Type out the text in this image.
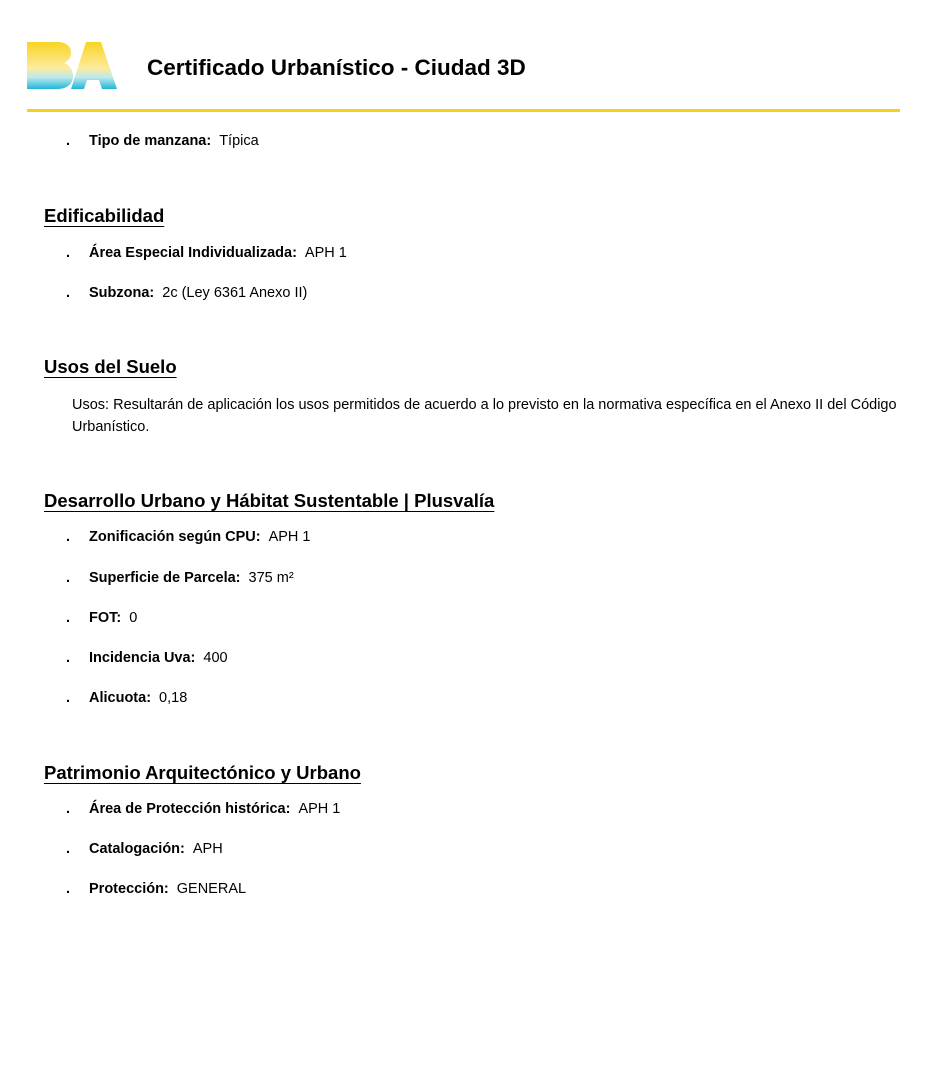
Certificado Urbanístico - Ciudad 3D
. Tipo de manzana: Típica
Edificabilidad
. Área Especial Individualizada: APH 1
. Subzona: 2c (Ley 6361 Anexo II)
Usos del Suelo
Usos: Resultarán de aplicación los usos permitidos de acuerdo a lo previsto en la normativa específica en el Anexo II del Código Urbanístico.
Desarrollo Urbano y Hábitat Sustentable | Plusvalía
. Zonificación según CPU: APH 1
. Superficie de Parcela: 375 m²
. FOT: 0
. Incidencia Uva: 400
. Alicuota: 0,18
Patrimonio Arquitectónico y Urbano
. Área de Protección histórica: APH 1
. Catalogación: APH
. Protección: GENERAL
